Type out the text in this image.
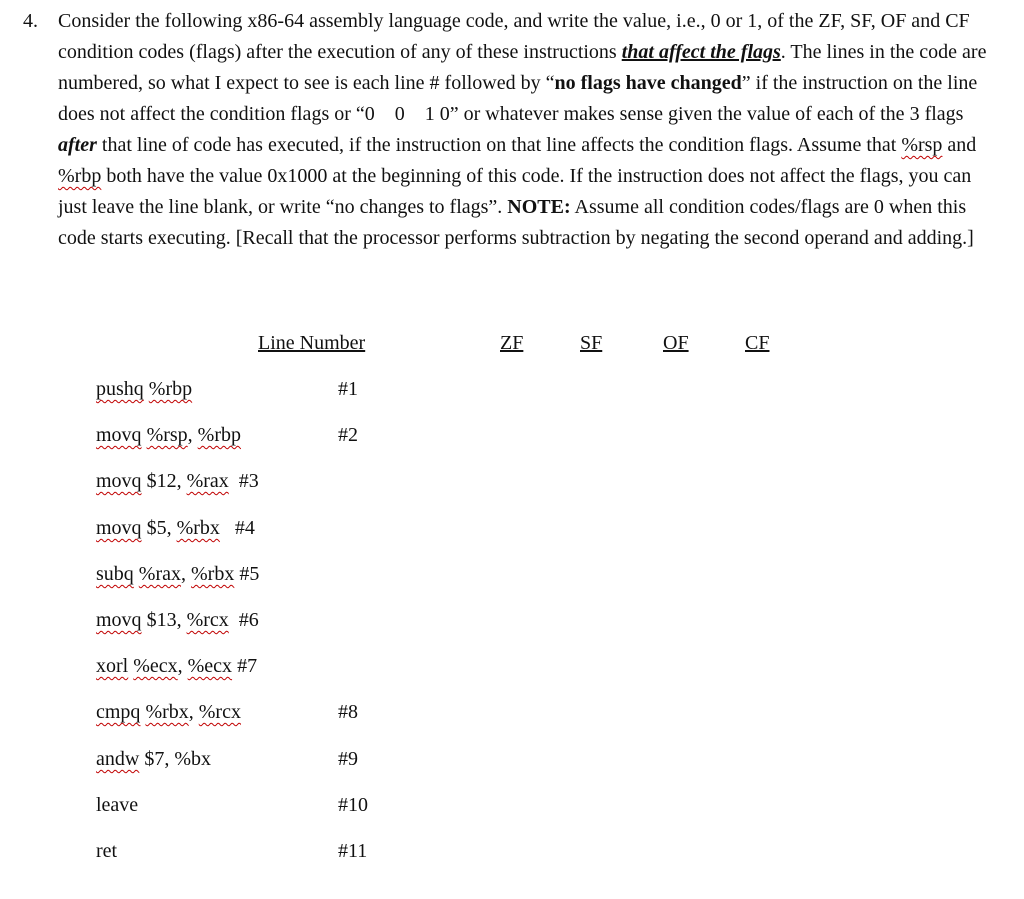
4. Consider the following x86-64 assembly language code, and write the value, i.e., 0 or 1, of the ZF, SF, OF and CF condition codes (flags) after the execution of any of these instructions that affect the flags. The lines in the code are numbered, so what I expect to see is each line # followed by “no flags have changed” if the instruction on the line does not affect the condition flags or “0    0    1 0” or whatever makes sense given the value of each of the 3 flags after that line of code has executed, if the instruction on that line affects the condition flags. Assume that %rsp and %rbp both have the value 0x1000 at the beginning of this code. If the instruction does not affect the flags, you can just leave the line blank, or write “no changes to flags”. NOTE: Assume all condition codes/flags are 0 when this code starts executing. [Recall that the processor performs subtraction by negating the second operand and adding.]
Line Number	ZF	SF	OF	CF
pushq %rbp	#1
movq %rsp, %rbp	#2
movq $12, %rax  #3
movq $5, %rbx   #4
subq %rax, %rbx #5
movq $13, %rcx  #6
xorl %ecx, %ecx #7
cmpq %rbx, %rcx	#8
andw $7, %bx	#9
leave	#10
ret	#11
